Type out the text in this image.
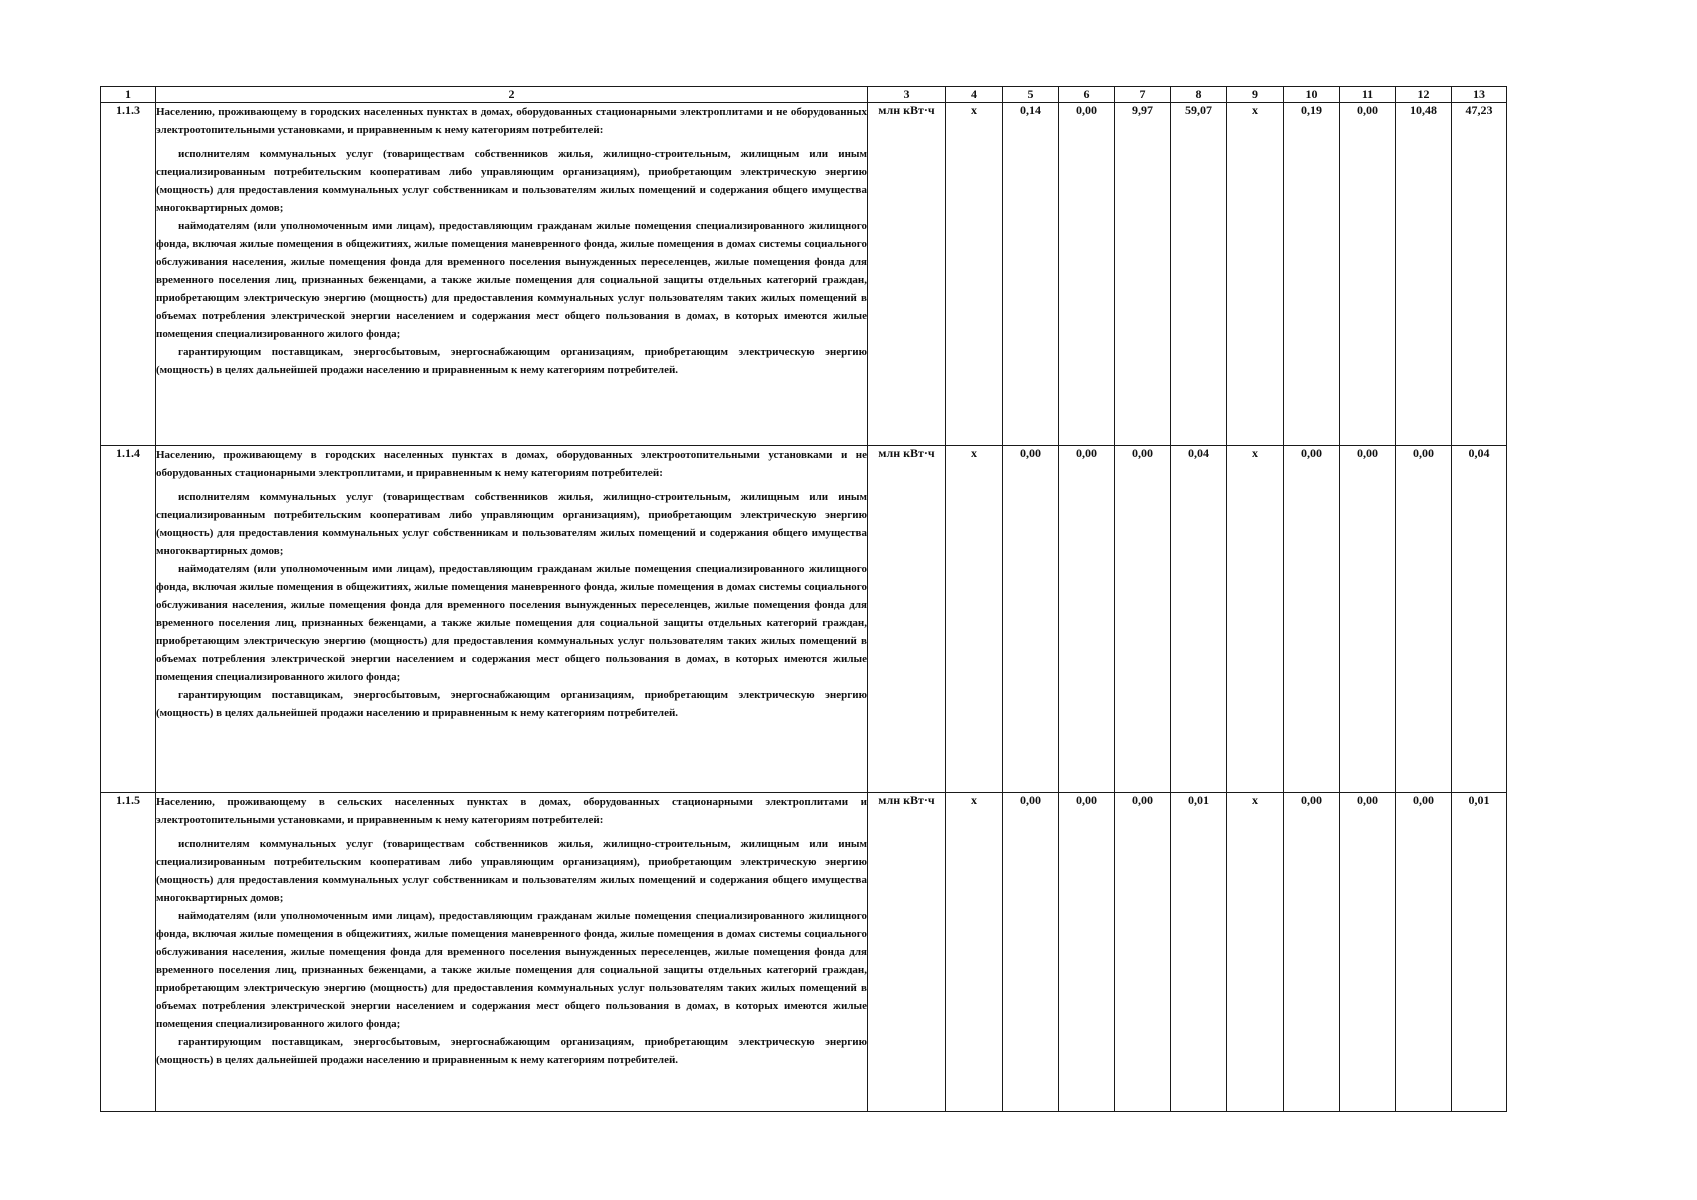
1	2	3	4	5	6	7	8	9	10	11	12	13
1.1.3	Населению, проживающему в городских населенных пунктах в домах, оборудованных стационарными электроплитами и не оборудованных электроотопительными установками, и приравненным к нему категориям потребителей:

исполнителям коммунальных услуг (товариществам собственников жилья, жилищно-строительным, жилищным или иным специализированным потребительским кооперативам либо управляющим организациям), приобретающим электрическую энергию (мощность) для предоставления коммунальных услуг собственникам и пользователям жилых помещений и содержания общего имущества многоквартирных домов;

наймодателям (или уполномоченным ими лицам), предоставляющим гражданам жилые помещения специализированного жилищного фонда, включая жилые помещения в общежитиях, жилые помещения маневренного фонда, жилые помещения в домах системы социального обслуживания населения, жилые помещения фонда для временного поселения вынужденных переселенцев, жилые помещения фонда для временного поселения лиц, признанных беженцами, а также жилые помещения для социальной защиты отдельных категорий граждан, приобретающим электрическую энергию (мощность) для предоставления коммунальных услуг пользователям таких жилых помещений в объемах потребления электрической энергии населением и содержания мест общего пользования в домах, в которых имеются жилые помещения специализированного жилого фонда;

гарантирующим поставщикам, энергосбытовым, энергоснабжающим организациям, приобретающим электрическую энергию (мощность) в целях дальнейшей продажи населению и приравненным к нему категориям потребителей.	млн кВт·ч	х	0,14	0,00	9,97	59,07	х	0,19	0,00	10,48	47,23
1.1.4	Населению, проживающему в городских населенных пунктах в домах, оборудованных электроотопительными установками и не оборудованных стационарными электроплитами, и приравненным к нему категориям потребителей:

исполнителям коммунальных услуг (товариществам собственников жилья, жилищно-строительным, жилищным или иным специализированным потребительским кооперативам либо управляющим организациям), приобретающим электрическую энергию (мощность) для предоставления коммунальных услуг собственникам и пользователям жилых помещений и содержания общего имущества многоквартирных домов;

наймодателям (или уполномоченным ими лицам), предоставляющим гражданам жилые помещения специализированного жилищного фонда, включая жилые помещения в общежитиях, жилые помещения маневренного фонда, жилые помещения в домах системы социального обслуживания населения, жилые помещения фонда для временного поселения вынужденных переселенцев, жилые помещения фонда для временного поселения лиц, признанных беженцами, а также жилые помещения для социальной защиты отдельных категорий граждан, приобретающим электрическую энергию (мощность) для предоставления коммунальных услуг пользователям таких жилых помещений в объемах потребления электрической энергии населением и содержания мест общего пользования в домах, в которых имеются жилые помещения специализированного жилого фонда;

гарантирующим поставщикам, энергосбытовым, энергоснабжающим организациям, приобретающим электрическую энергию (мощность) в целях дальнейшей продажи населению и приравненным к нему категориям потребителей.	млн кВт·ч	х	0,00	0,00	0,00	0,04	х	0,00	0,00	0,00	0,04
1.1.5	Населению, проживающему в сельских населенных пунктах в домах, оборудованных стационарными электроплитами и электроотопительными установками, и приравненным к нему категориям потребителей:

исполнителям коммунальных услуг (товариществам собственников жилья, жилищно-строительным, жилищным или иным специализированным потребительским кооперативам либо управляющим организациям), приобретающим электрическую энергию (мощность) для предоставления коммунальных услуг собственникам и пользователям жилых помещений и содержания общего имущества многоквартирных домов;

наймодателям (или уполномоченным ими лицам), предоставляющим гражданам жилые помещения специализированного жилищного фонда, включая жилые помещения в общежитиях, жилые помещения маневренного фонда, жилые помещения в домах системы социального обслуживания населения, жилые помещения фонда для временного поселения вынужденных переселенцев, жилые помещения фонда для временного поселения лиц, признанных беженцами, а также жилые помещения для социальной защиты отдельных категорий граждан, приобретающим электрическую энергию (мощность) для предоставления коммунальных услуг пользователям таких жилых помещений в объемах потребления электрической энергии населением и содержания мест общего пользования в домах, в которых имеются жилые помещения специализированного жилого фонда;

гарантирующим поставщикам, энергосбытовым, энергоснабжающим организациям, приобретающим электрическую энергию (мощность) в целях дальнейшей продажи населению и приравненным к нему категориям потребителей.	млн кВт·ч	х	0,00	0,00	0,00	0,01	х	0,00	0,00	0,00	0,01
